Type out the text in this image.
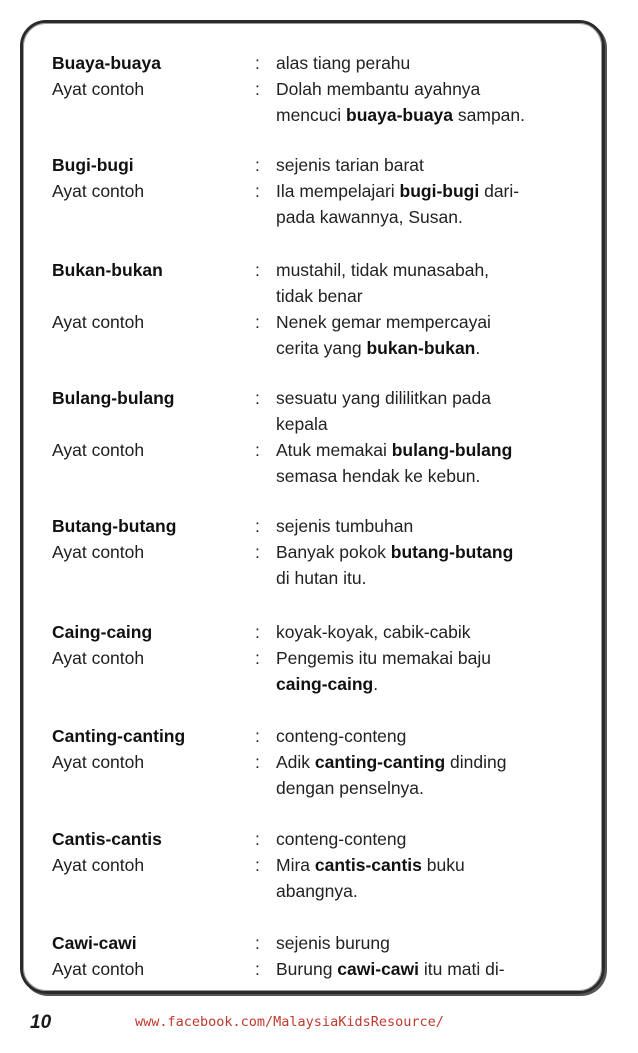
Buaya-buaya	: alas tiang perahu
Ayat contoh	: Dolah membantu ayahnya
mencuci buaya-buaya sampan.
Bugi-bugi	: sejenis tarian barat
Ayat contoh	: Ila mempelajari bugi-bugi dari-
pada kawannya, Susan.
Bukan-bukan	: mustahil, tidak munasabah,
tidak benar
Ayat contoh	: Nenek gemar mempercayai
cerita yang bukan-bukan.
Bulang-bulang	: sesuatu yang dililitkan pada
kepala
Ayat contoh	: Atuk memakai bulang-bulang
semasa hendak ke kebun.
Butang-butang	: sejenis tumbuhan
Ayat contoh	: Banyak pokok butang-butang
di hutan itu.
Caing-caing	: koyak-koyak, cabik-cabik
Ayat contoh	: Pengemis itu memakai baju
caing-caing.
Canting-canting	: conteng-conteng
Ayat contoh	: Adik canting-canting dinding
dengan penselnya.
Cantis-cantis	: conteng-conteng
Ayat contoh	: Mira cantis-cantis buku
abangnya.
Cawi-cawi	: sejenis burung
Ayat contoh	: Burung cawi-cawi itu mati di-
10	www.facebook.com/MalaysiaKidsResource/
